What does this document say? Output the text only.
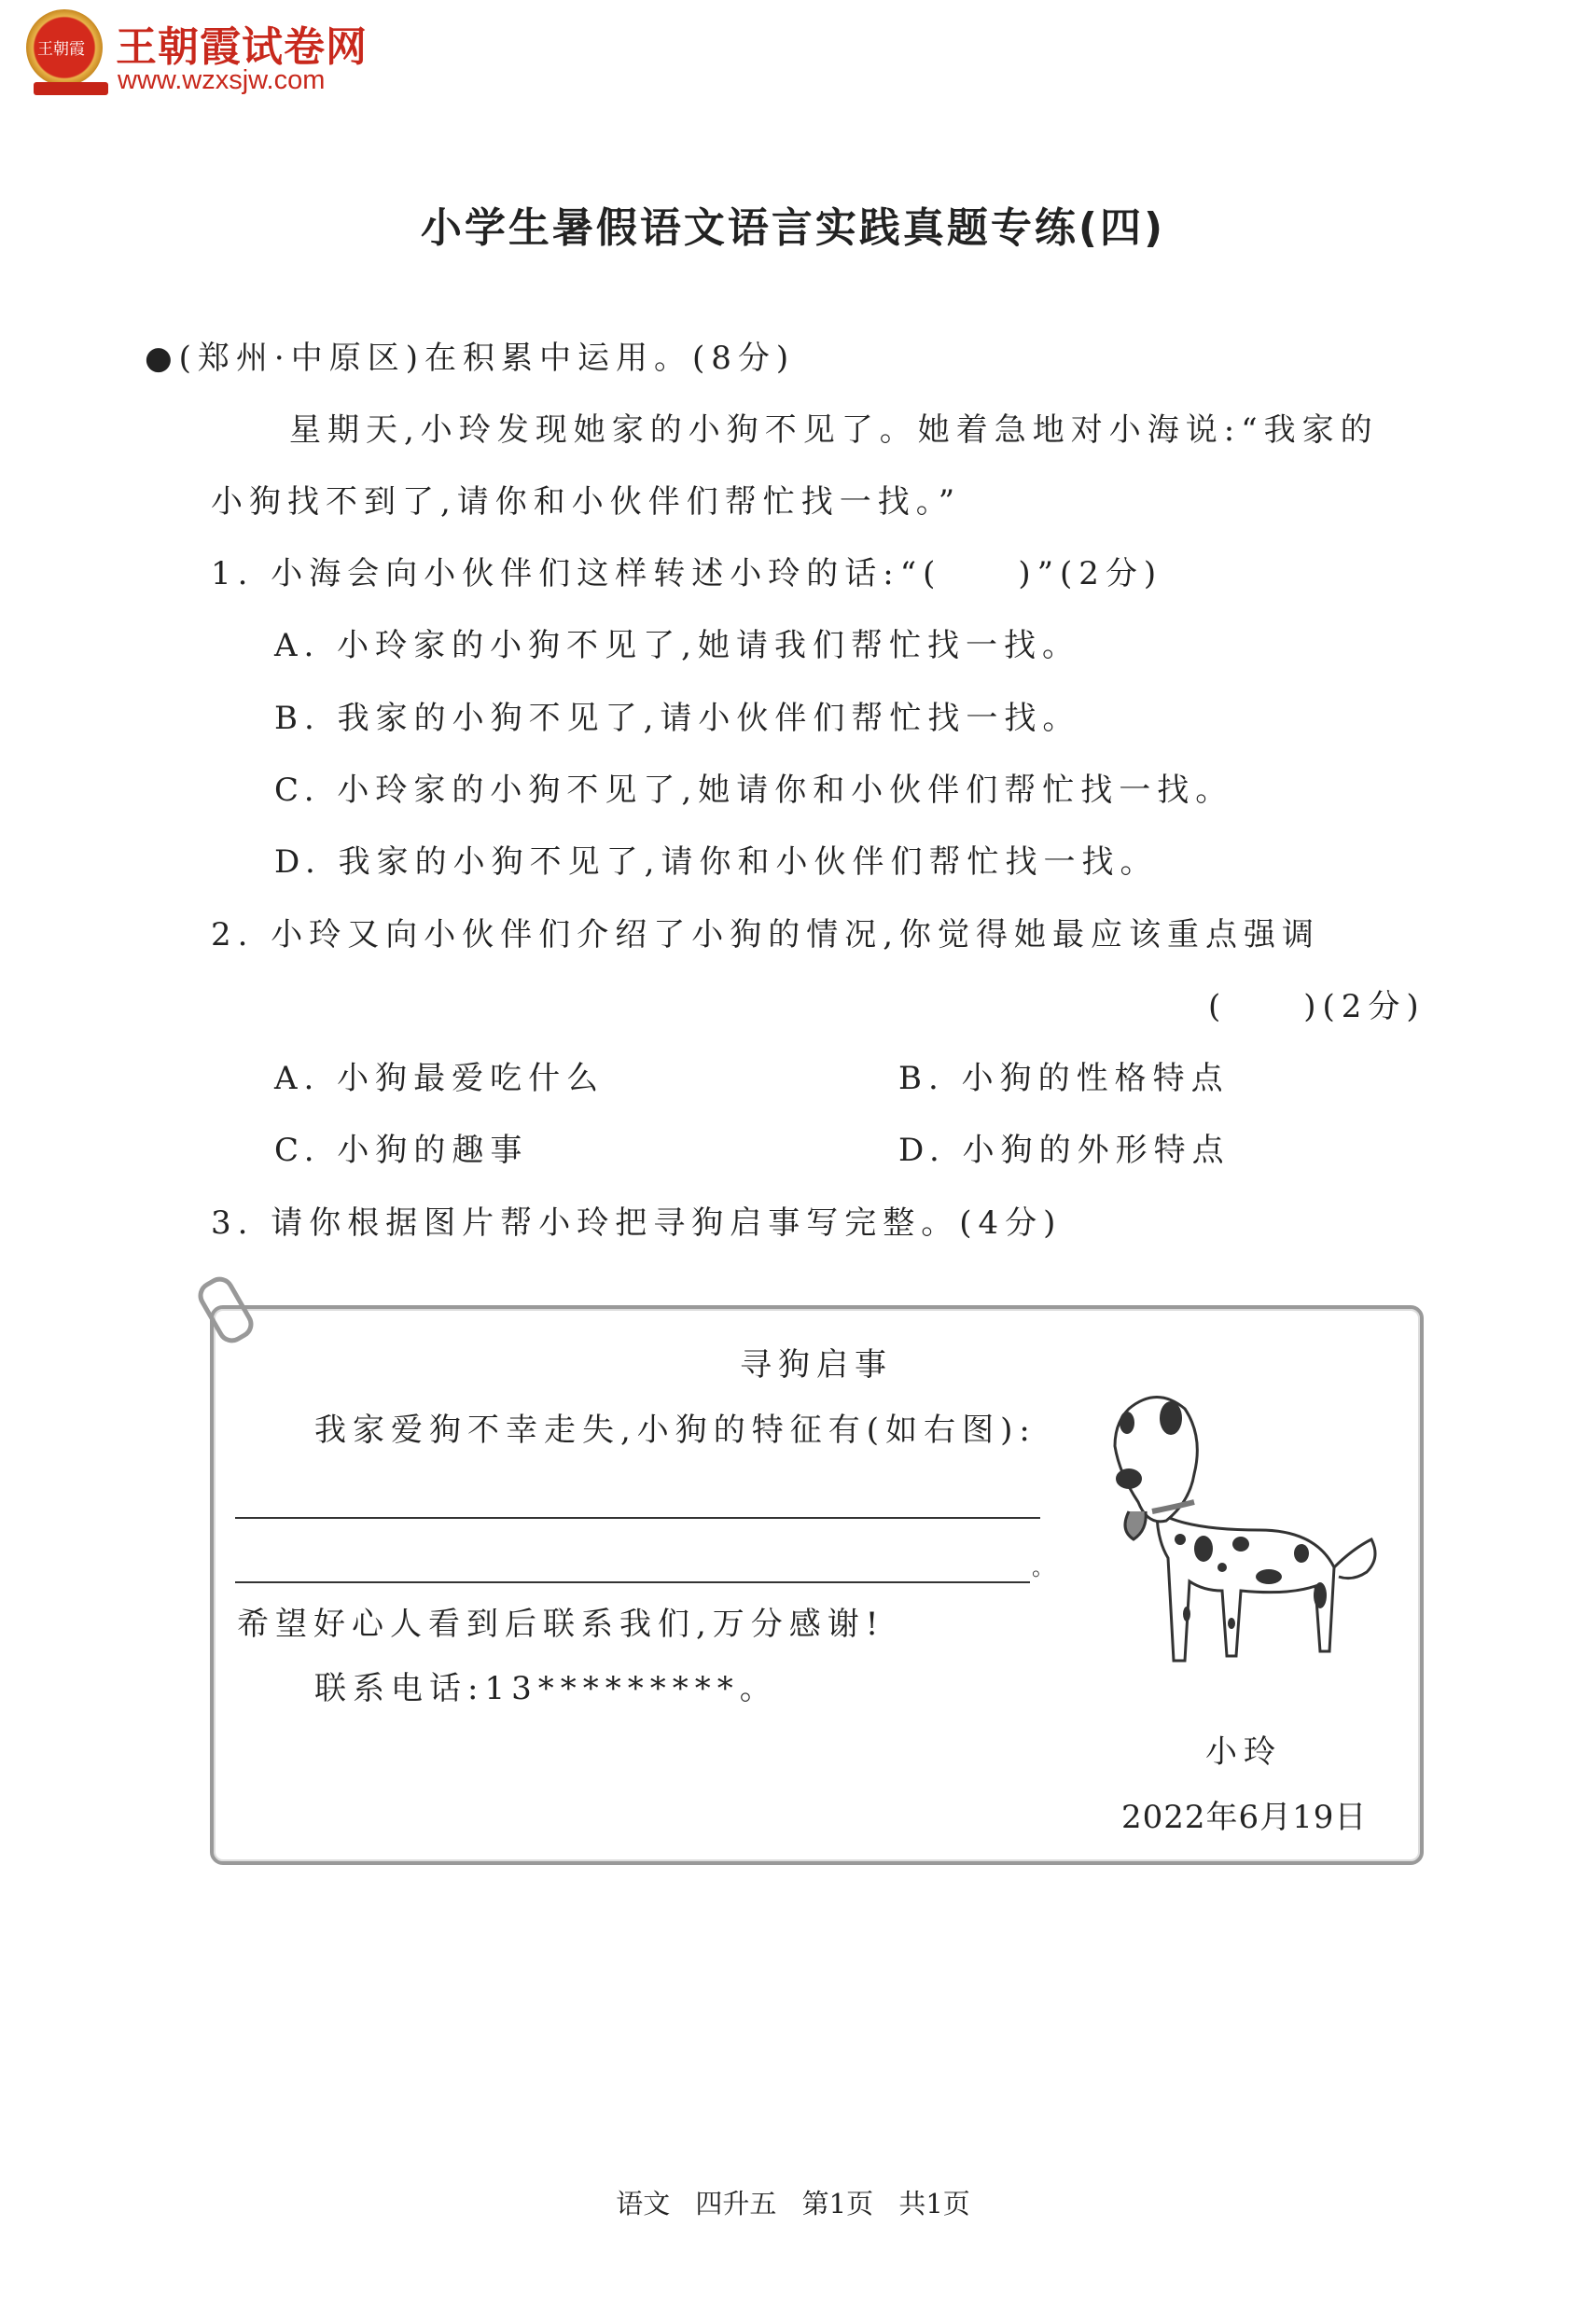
王朝霞 王朝霞试卷网
www.wzxsjw.com
小学生暑假语文语言实践真题专练(四)
●(郑州·中原区)在积累中运用。(8分)
星期天,小玲发现她家的小狗不见了。她着急地对小海说:“我家的
小狗找不到了,请你和小伙伴们帮忙找一找。”
1. 小海会向小伙伴们这样转述小玲的话:“(　　)”(2分)
A. 小玲家的小狗不见了,她请我们帮忙找一找。
B. 我家的小狗不见了,请小伙伴们帮忙找一找。
C. 小玲家的小狗不见了,她请你和小伙伴们帮忙找一找。
D. 我家的小狗不见了,请你和小伙伴们帮忙找一找。
2. 小玲又向小伙伴们介绍了小狗的情况,你觉得她最应该重点强调
(　　)(2分)
A. 小狗最爱吃什么	B. 小狗的性格特点
C. 小狗的趣事	D. 小狗的外形特点
3. 请你根据图片帮小玲把寻狗启事写完整。(4分)
寻狗启事
我家爱狗不幸走失,小狗的特征有(如右图):
。
希望好心人看到后联系我们,万分感谢!
联系电话:13*********。
小玲
2022年6月19日
语文 四升五 第1页 共1页
